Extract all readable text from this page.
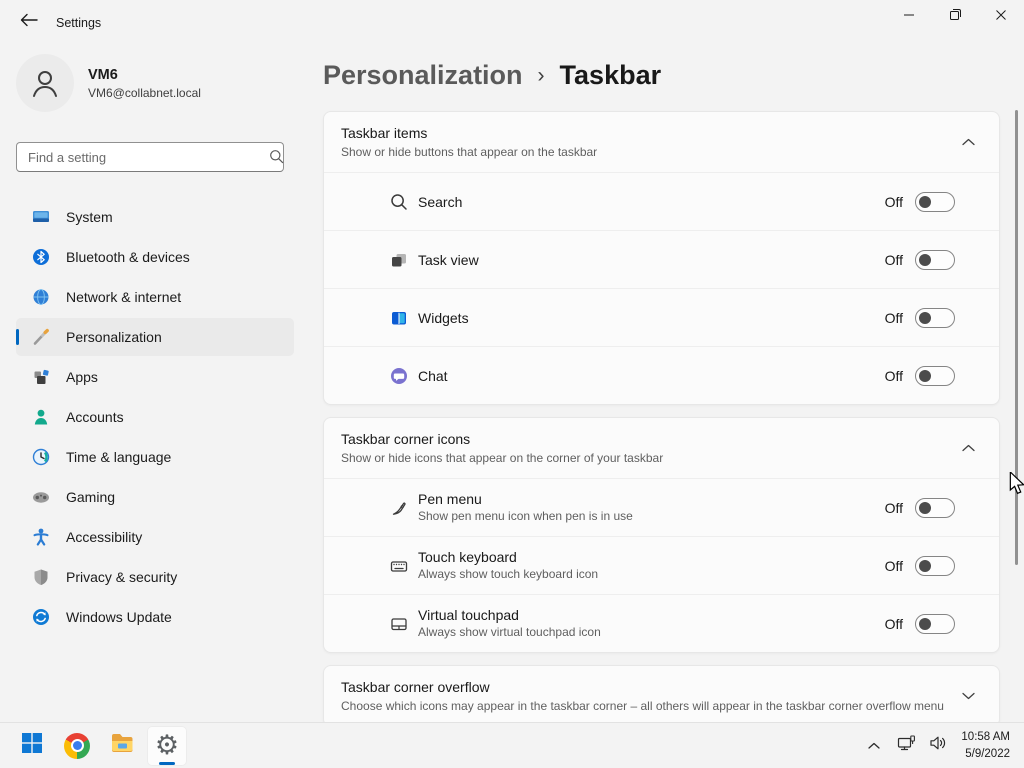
Settings
VM6
VM6@collabnet.local
Find a setting
System
Bluetooth & devices
Network & internet
Personalization
Apps
Accounts
Time & language
Gaming
Accessibility
Privacy & security
Windows Update
Personalization › Taskbar
Taskbar items
Show or hide buttons that appear on the taskbar
Search	Off
Task view	Off
Widgets	Off
Chat	Off
Taskbar corner icons
Show or hide icons that appear on the corner of your taskbar
Pen menu
Show pen menu icon when pen is in use	Off
Touch keyboard
Always show touch keyboard icon	Off
Virtual touchpad
Always show virtual touchpad icon	Off
Taskbar corner overflow
Choose which icons may appear in the taskbar corner – all others will appear in the taskbar corner overflow menu
⚙	10:58 AM
5/9/2022
